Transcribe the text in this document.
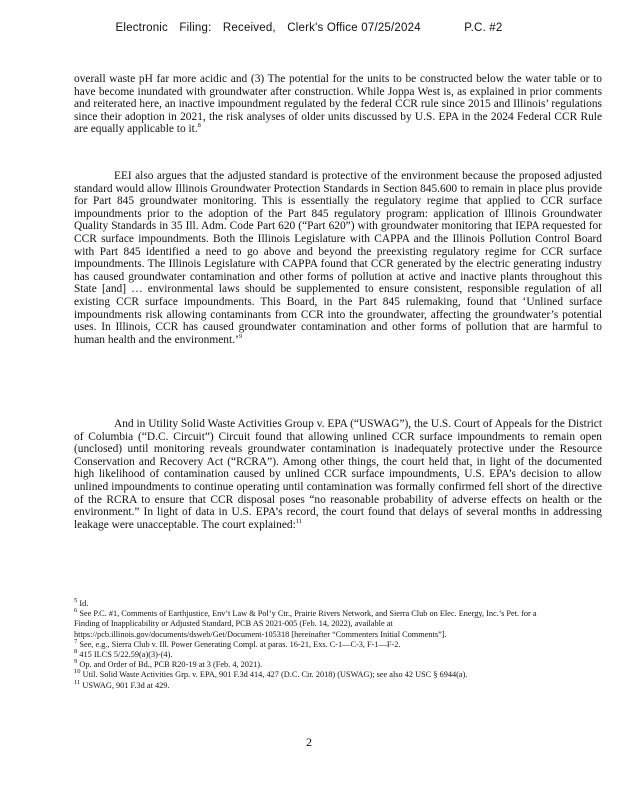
Electronic Filing: Received, Clerk's Office 07/25/2024	P.C. #2

overall waste pH far more acidic and (3) The potential for the units to be constructed below the water table or to have become inundated with groundwater after construction. While Joppa West is, as explained in prior comments and reiterated here, an inactive impoundment regulated by the federal CCR rule since 2015 and Illinois’ regulations since their adoption in 2021, the risk analyses of older units discussed by U.S. EPA in the 2024 Federal CCR Rule are equally applicable to it.$^8$

EEI also argues that the adjusted standard is protective of the environment because the proposed adjusted standard would allow Illinois Groundwater Protection Standards in Section 845.600 to remain in place plus provide for Part 845 groundwater monitoring. This is essentially the regulatory regime that applied to CCR surface impoundments prior to the adoption of the Part 845 regulatory program: application of Illinois Groundwater Quality Standards in 35 Ill. Adm. Code Part 620 (“Part 620”) with groundwater monitoring that IEPA requested for CCR surface impoundments. Both the Illinois Legislature with CAPPA and the Illinois Pollution Control Board with Part 845 identified a need to go above and beyond the preexisting regulatory regime for CCR surface impoundments. The Illinois Legislature with CAPPA found that CCR generated by the electric generating industry has caused groundwater contamination and other forms of pollution at active and inactive plants throughout this State [and] … environmental laws should be supplemented to ensure consistent, responsible regulation of all existing CCR surface impoundments. This Board, in the Part 845 rulemaking, found that ‘Unlined surface impoundments risk allowing contaminants from CCR into the groundwater, affecting the groundwater’s potential uses. In Illinois, CCR has caused groundwater contamination and other forms of pollution that are harmful to human health and the environment.’$^9$

And in Utility Solid Waste Activities Group v. EPA (“USWAG”), the U.S. Court of Appeals for the District of Columbia (“D.C. Circuit”) Circuit found that allowing unlined CCR surface impoundments to remain open (unclosed) until monitoring reveals groundwater contamination is inadequately protective under the Resource Conservation and Recovery Act (“RCRA”). Among other things, the court held that, in light of the documented high likelihood of contamination caused by unlined CCR surface impoundments, U.S. EPA’s decision to allow unlined impoundments to continue operating until contamination was formally confirmed fell short of the directive of the RCRA to ensure that CCR disposal poses “no reasonable probability of adverse effects on health or the environment.” In light of data in U.S. EPA’s record, the court found that delays of several months in addressing leakage were unacceptable. The court explained:$^{11}$

$^5$ Id.

$^6$ See P.C. #1, Comments of Earthjustice, Env’t Law & Pol’y Ctr., Prairie Rivers Network, and Sierra Club on Elec. Energy, Inc.’s Pet. for a Finding of Inapplicability or Adjusted Standard, PCB AS 2021-005 (Feb. 14, 2022), available at https://pcb.illinois.gov/documents/dsweb/Get/Document-105318 [hereinafter “Commenters Initial Comments”].

$^7$ See, e.g., Sierra Club v. Ill. Power Generating Compl. at paras. 16-21, Exs. C-1—C-3, F-1—F-2.

$^8$ 415 ILCS 5/22.59(a)(3)-(4).

$^9$ Op. and Order of Bd., PCB R20-19 at 3 (Feb. 4, 2021).

$^{10}$ Util. Solid Waste Activities Grp. v. EPA, 901 F.3d 414, 427 (D.C. Cir. 2018) (USWAG); see also 42 USC § 6944(a).

$^{11}$ USWAG, 901 F.3d at 429.

2
